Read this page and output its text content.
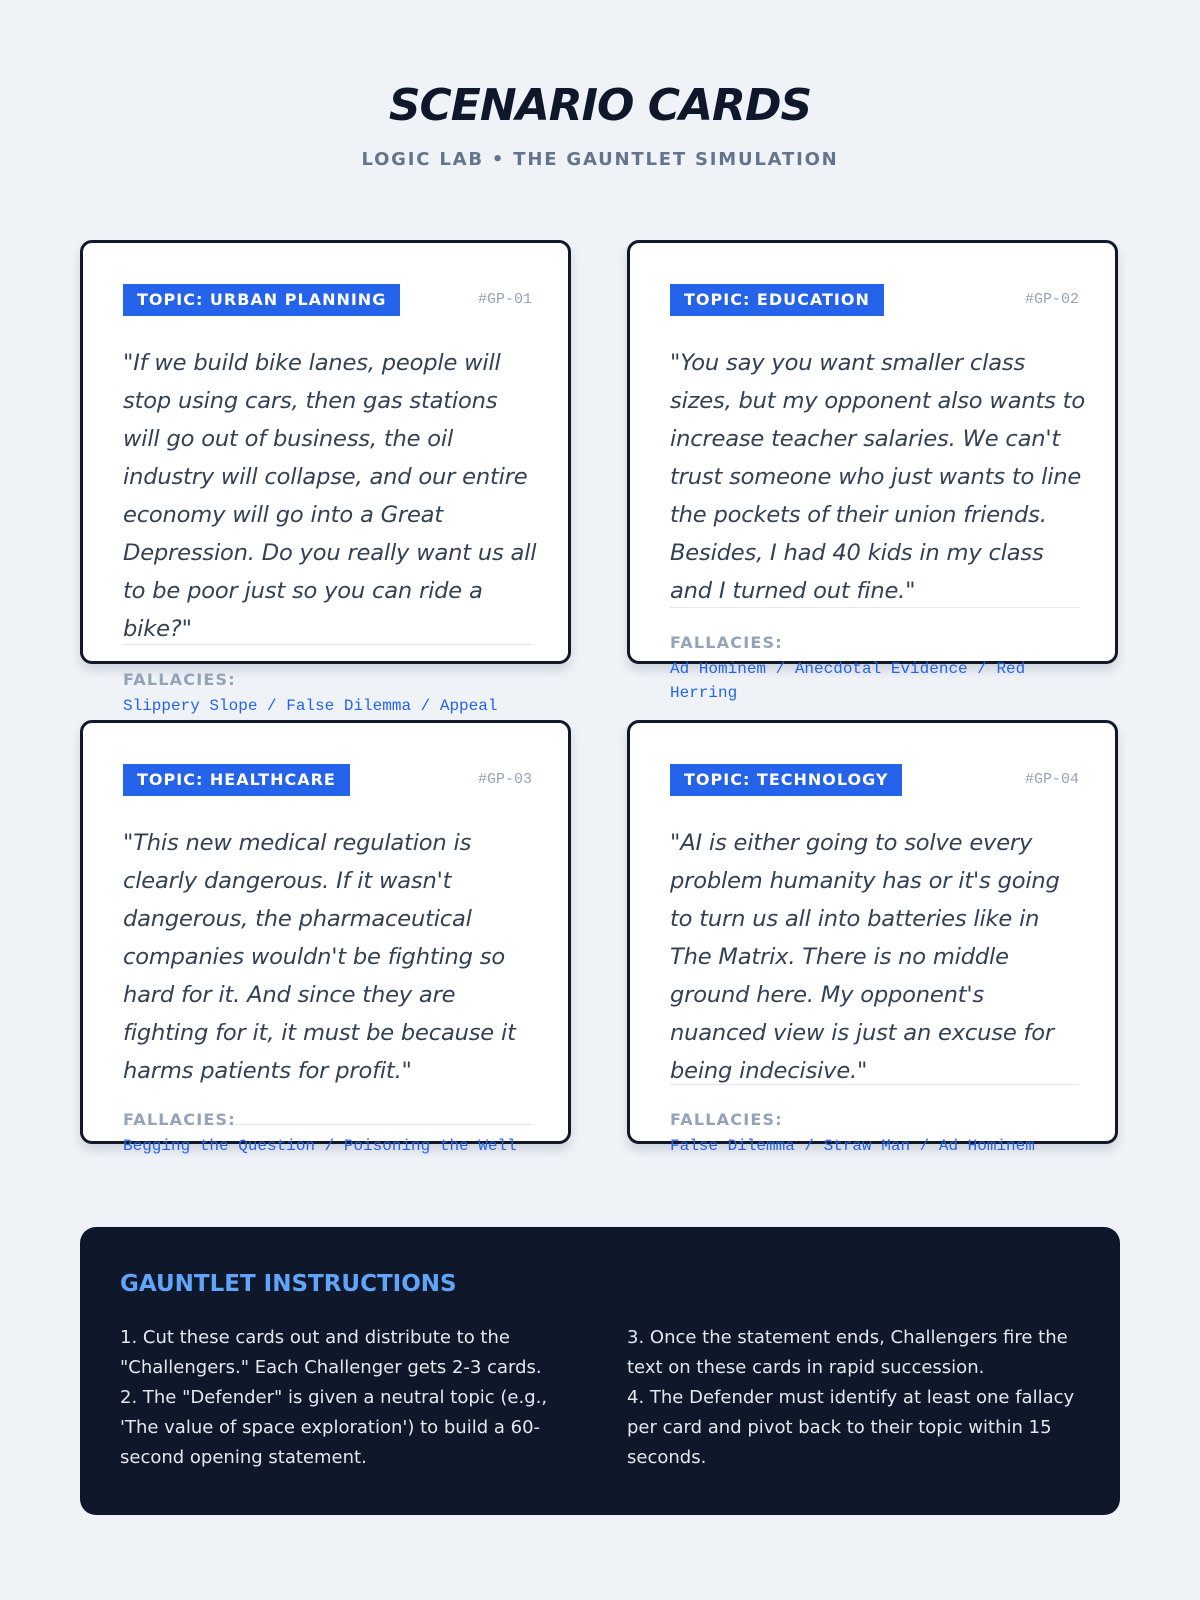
SCENARIO CARDS
LOGIC LAB • THE GAUNTLET SIMULATION
TOPIC: URBAN PLANNING	#GP-01

"If we build bike lanes, people will stop using cars, then gas stations will go out of business, the oil industry will collapse, and our entire economy will go into a Great Depression. Do you really want us all to be poor just so you can ride a bike?"

FALLACIES:
Slippery Slope / False Dilemma / Appeal
TOPIC: EDUCATION	#GP-02

"You say you want smaller class sizes, but my opponent also wants to increase teacher salaries. We can't trust someone who just wants to line the pockets of their union friends. Besides, I had 40 kids in my class and I turned out fine."

FALLACIES:
Ad Hominem / Anecdotal Evidence / Red Herring
TOPIC: HEALTHCARE	#GP-03

"This new medical regulation is clearly dangerous. If it wasn't dangerous, the pharmaceutical companies wouldn't be fighting so hard for it. And since they are fighting for it, it must be because it harms patients for profit."

FALLACIES:
Begging the Question / Poisoning the Well
TOPIC: TECHNOLOGY	#GP-04

"AI is either going to solve every problem humanity has or it's going to turn us all into batteries like in The Matrix. There is no middle ground here. My opponent's nuanced view is just an excuse for being indecisive."

FALLACIES:
False Dilemma / Straw Man / Ad Hominem
GAUNTLET INSTRUCTIONS
1. Cut these cards out and distribute to the "Challengers." Each Challenger gets 2-3 cards.
2. The "Defender" is given a neutral topic (e.g., 'The value of space exploration') to build a 60-second opening statement.
3. Once the statement ends, Challengers fire the text on these cards in rapid succession.
4. The Defender must identify at least one fallacy per card and pivot back to their topic within 15 seconds.
